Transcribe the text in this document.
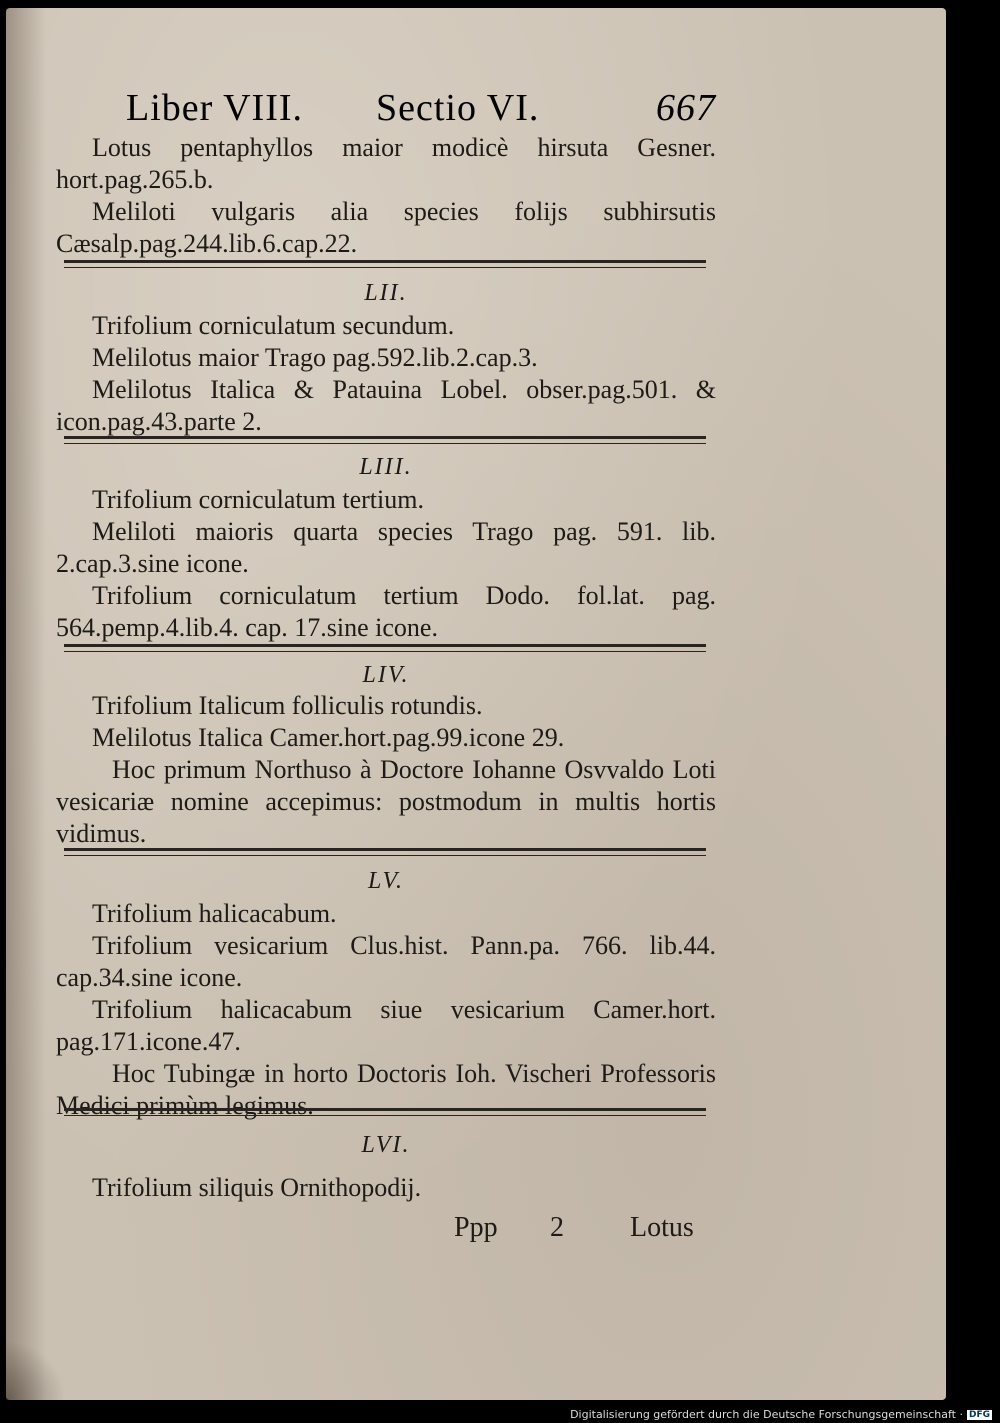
Liber VIII. Sectio VI.	667
Lotus pentaphyllos maior modicè hirsuta Gesner. hort.pag.265.b.
Meliloti vulgaris alia species folijs subhirsutis Cæsalp.pag.244.lib.6.cap.22.
LII.
Trifolium corniculatum secundum.
Melilotus maior Trago pag.592.lib.2.cap.3.
Melilotus Italica & Patauina Lobel. obser.pag.501. & icon.pag.43.parte 2.
LIII.
Trifolium corniculatum tertium.
Meliloti maioris quarta species Trago pag. 591. lib. 2.cap.3.sine icone.
Trifolium corniculatum tertium Dodo. fol.lat. pag. 564.pemp.4.lib.4. cap. 17.sine icone.
LIV.
Trifolium Italicum folliculis rotundis.
Melilotus Italica Camer.hort.pag.99.icone 29.
Hoc primum Northuso à Doctore Iohanne Osvvaldo Loti vesicariæ nomine accepimus: postmodum in multis hortis vidimus.
LV.
Trifolium halicacabum.
Trifolium vesicarium Clus.hist. Pann.pa. 766. lib.44. cap.34.sine icone.
Trifolium halicacabum siue vesicarium Camer.hort. pag.171.icone.47.
Hoc Tubingæ in horto Doctoris Ioh. Vischeri Professoris Medici primùm legimus.
LVI.
Trifolium siliquis Ornithopodij.
Ppp 2 Lotus
Digitalisierung gefördert durch die Deutsche Forschungsgemeinschaft · DFG
